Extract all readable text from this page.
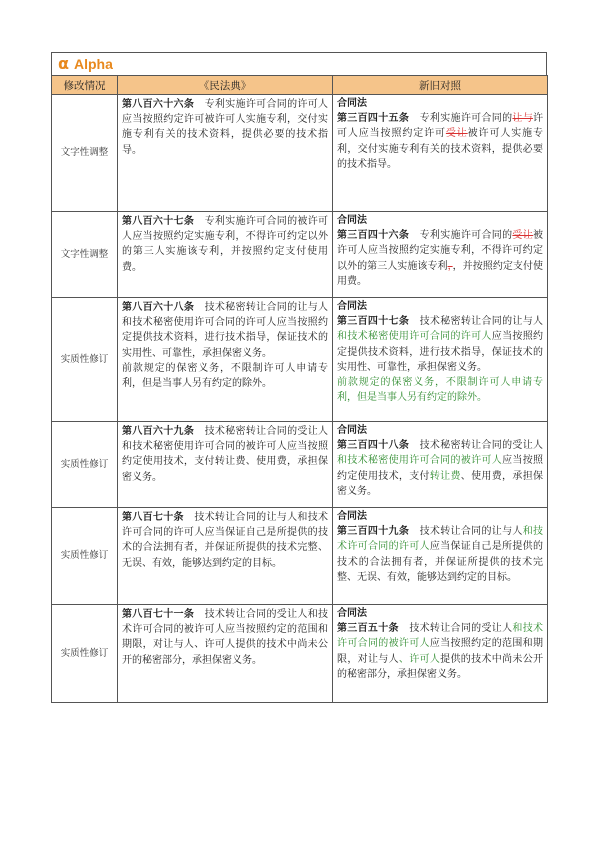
α Alpha
修改情况	《民法典》	新旧对照
文字性调整	第八百六十六条 专利实施许可合同的许可人应当按照约定许可被许可人实施专利，交付实施专利有关的技术资料，提供必要的技术指导。	合同法
第三百四十五条 专利实施许可合同的让与许可人应当按照约定许可受让被许可人实施专利，交付实施专利有关的技术资料，提供必要的技术指导。
文字性调整	第八百六十七条 专利实施许可合同的被许可人应当按照约定实施专利，不得许可约定以外的第三人实施该专利，并按照约定支付使用费。	合同法
第三百四十六条 专利实施许可合同的受让被许可人应当按照约定实施专利，不得许可约定以外的第三人实施该专利，，并按照约定支付使用费。
实质性修订	第八百六十八条 技术秘密转让合同的让与人和技术秘密使用许可合同的许可人应当按照约定提供技术资料，进行技术指导，保证技术的实用性、可靠性，承担保密义务。
前款规定的保密义务，不限制许可人申请专利，但是当事人另有约定的除外。	合同法
第三百四十七条 技术秘密转让合同的让与人和技术秘密使用许可合同的许可人应当按照约定提供技术资料，进行技术指导，保证技术的实用性、可靠性，承担保密义务。
前款规定的保密义务，不限制许可人申请专利，但是当事人另有约定的除外。

实质性修订	第八百六十九条 技术秘密转让合同的受让人和技术秘密使用许可合同的被许可人应当按照约定使用技术，支付转让费、使用费，承担保密义务。	合同法
第三百四十八条 技术秘密转让合同的受让人和技术秘密使用许可合同的被许可人应当按照约定使用技术，支付转让费、使用费，承担保密义务。
实质性修订	第八百七十条 技术转让合同的让与人和技术许可合同的许可人应当保证自己是所提供的技术的合法拥有者，并保证所提供的技术完整、无误、有效，能够达到约定的目标。	合同法
第三百四十九条 技术转让合同的让与人和技术许可合同的许可人应当保证自己是所提供的技术的合法拥有者，并保证所提供的技术完整、无误、有效，能够达到约定的目标。
实质性修订	第八百七十一条 技术转让合同的受让人和技术许可合同的被许可人应当按照约定的范围和期限，对让与人、许可人提供的技术中尚未公开的秘密部分，承担保密义务。	合同法
第三百五十条 技术转让合同的受让人和技术许可合同的被许可人应当按照约定的范围和期限，对让与人、许可人提供的技术中尚未公开的秘密部分，承担保密义务。
